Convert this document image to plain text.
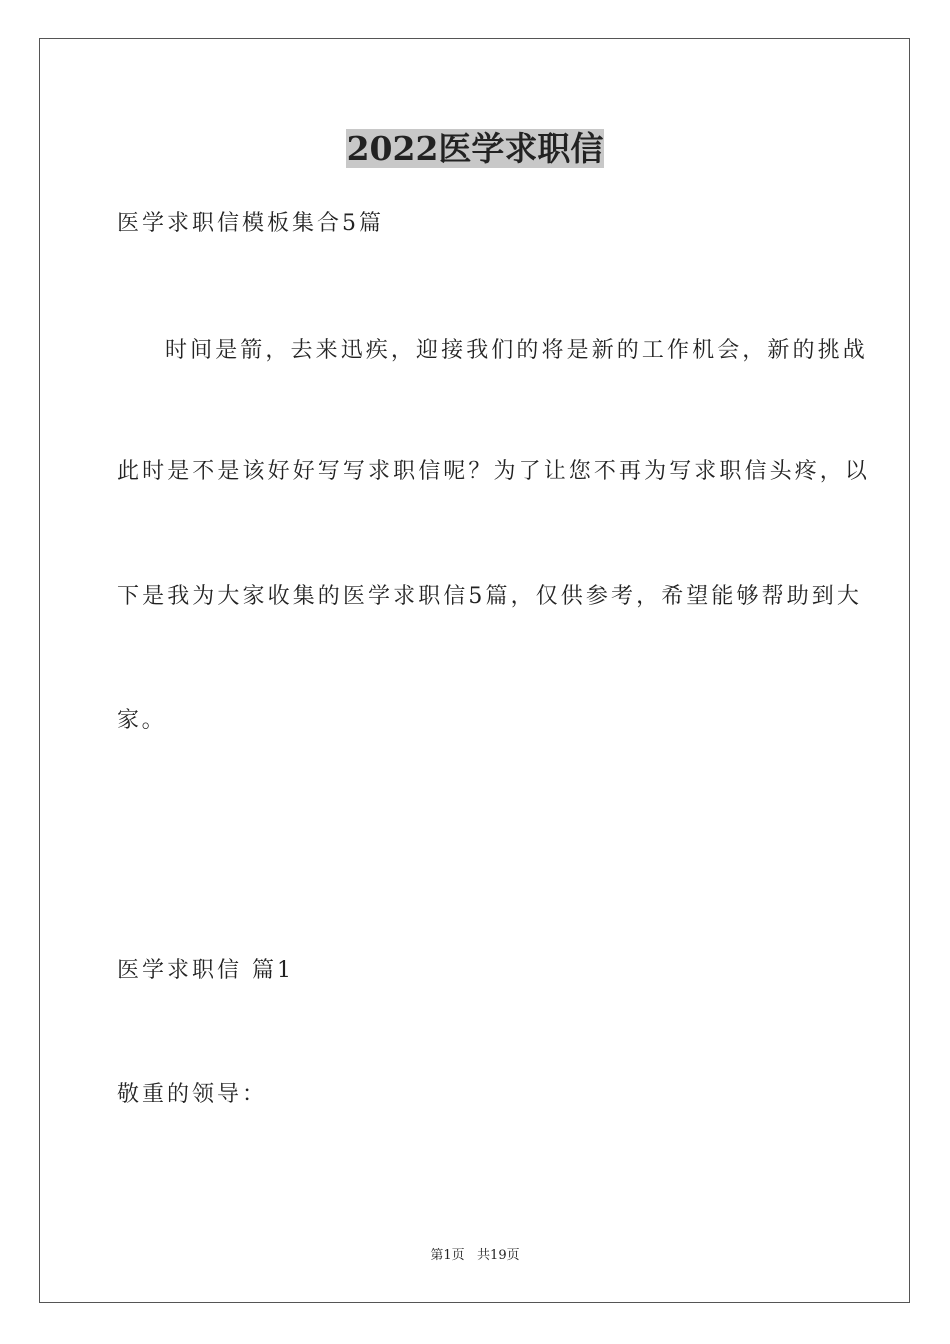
2022医学求职信
医学求职信模板集合5篇
时间是箭，去来迅疾，迎接我们的将是新的工作机会，新的挑战
此时是不是该好好写写求职信呢？为了让您不再为写求职信头疼，以
下是我为大家收集的医学求职信5篇，仅供参考，希望能够帮助到大
家。
医学求职信 篇1
敬重的领导：
第1页   共19页
